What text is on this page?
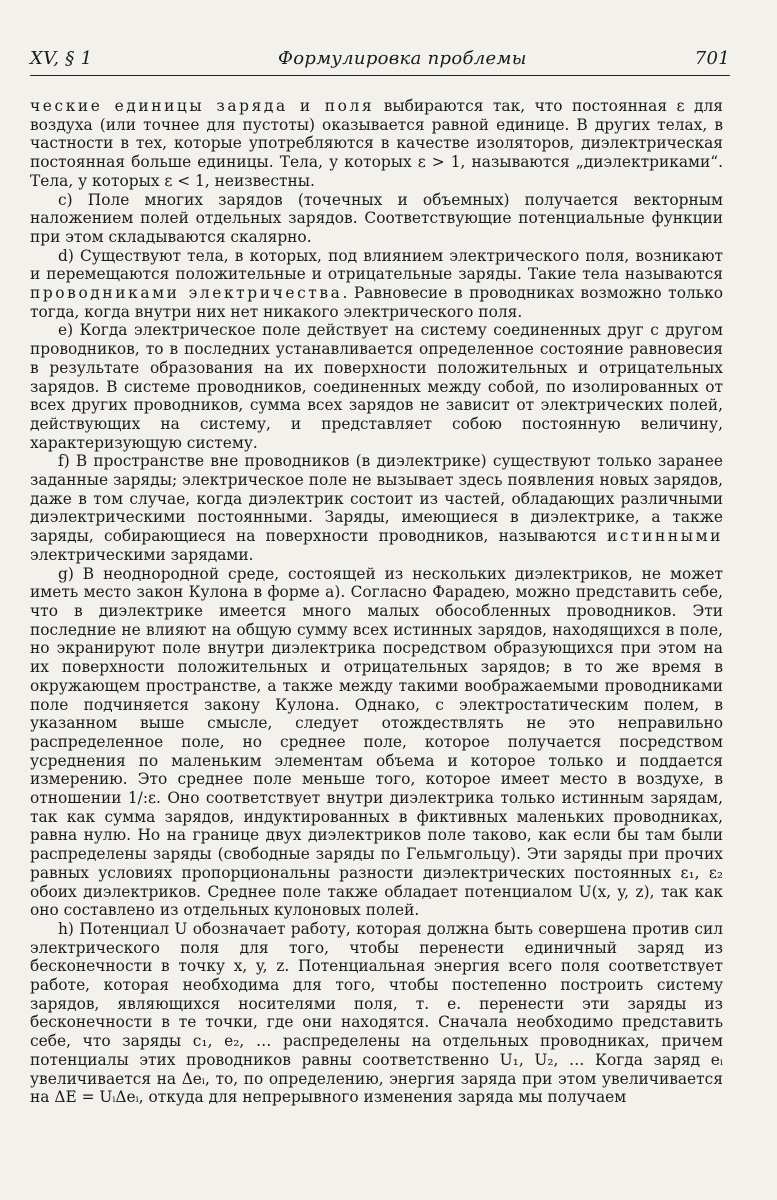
XV, § 1	Формулировка проблемы	701

ческие единицы заряда и поля выбираются так, что постоянная ε для воздуха (или точнее для пустоты) оказывается равной единице. В других телах, в частности в тех, которые употребляются в качестве изоляторов, диэлектрическая постоянная больше единицы. Тела, у которых ε > 1, называются „диэлектриками“. Тела, у которых ε < 1, неизвестны.

c) Поле многих зарядов (точечных и объемных) получается векторным наложением полей отдельных зарядов. Соответствующие потенциальные функции при этом складываются скалярно.

d) Существуют тела, в которых, под влиянием электрического поля, возникают и перемещаются положительные и отрицательные заряды. Такие тела называются проводниками электричества. Равновесие в проводниках возможно только тогда, когда внутри них нет никакого электрического поля.

e) Когда электрическое поле действует на систему соединенных друг с другом проводников, то в последних устанавливается определенное состояние равновесия в результате образования на их поверхности положительных и отрицательных зарядов. В системе проводников, соединенных между собой, по изолированных от всех других проводников, сумма всех зарядов не зависит от электрических полей, действующих на систему, и представляет собою постоянную величину, характеризующую систему.

f) В пространстве вне проводников (в диэлектрике) существуют только заранее заданные заряды; электрическое поле не вызывает здесь появления новых зарядов, даже в том случае, когда диэлектрик состоит из частей, обладающих различными диэлектрическими постоянными. Заряды, имеющиеся в диэлектрике, а также заряды, собирающиеся на поверхности проводников, называются истинными электрическими зарядами.

g) В неоднородной среде, состоящей из нескольких диэлектриков, не может иметь место закон Кулона в форме a). Согласно Фарадею, можно представить себе, что в диэлектрике имеется много малых обособленных проводников. Эти последние не влияют на общую сумму всех истинных зарядов, находящихся в поле, но экранируют поле внутри диэлектрика посредством образующихся при этом на их поверхности положительных и отрицательных зарядов; в то же время в окружающем пространстве, а также между такими воображаемыми проводниками поле подчиняется закону Кулона. Однако, с электростатическим полем, в указанном выше смысле, следует отождествлять не это неправильно распределенное поле, но среднее поле, которое получается посредством усреднения по маленьким элементам объема и которое только и поддается измерению. Это среднее поле меньше того, которое имеет место в воздухе, в отношении 1/:ε. Оно соответствует внутри диэлектрика только истинным зарядам, так как сумма зарядов, индуктированных в фиктивных маленьких проводниках, равна нулю. Но на границе двух диэлектриков поле таково, как если бы там были распределены заряды (свободные заряды по Гельмгольцу). Эти заряды при прочих равных условиях пропорциональны разности диэлектрических постоянных ε₁, ε₂ обоих диэлектриков. Среднее поле также обладает потенциалом U(x, y, z), так как оно составлено из отдельных кулоновых полей.

h) Потенциал U обозначает работу, которая должна быть совершена против сил электрического поля для того, чтобы перенести единичный заряд из бесконечности в точку x, y, z. Потенциальная энергия всего поля соответствует работе, которая необходима для того, чтобы постепенно построить систему зарядов, являющихся носителями поля, т. е. перенести эти заряды из бесконечности в те точки, где они находятся. Сначала необходимо представить себе, что заряды c₁, e₂, … распределены на отдельных проводниках, причем потенциалы этих проводников равны соответственно U₁, U₂, … Когда заряд eᵢ увеличивается на Δeᵢ, то, по определению, энергия заряда при этом увеличивается на ΔE = UᵢΔeᵢ, откуда для непрерывного изменения заряда мы получаем
